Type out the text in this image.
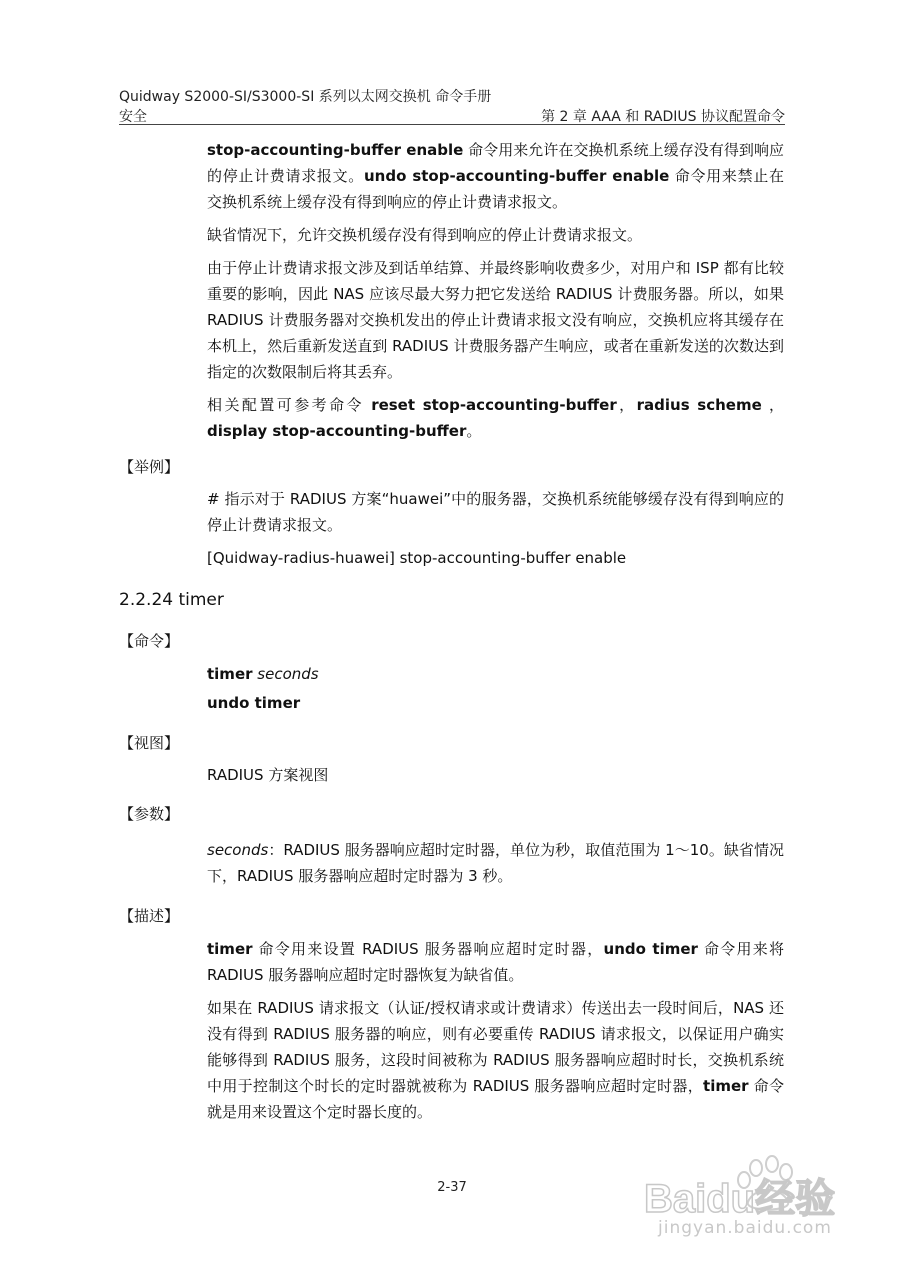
Quidway S2000-SI/S3000-SI 系列以太网交换机 命令手册
安全	第 2 章 AAA 和 RADIUS 协议配置命令

stop-accounting-buffer enable 命令用来允许在交换机系统上缓存没有得到响应的停止计费请求报文。undo stop-accounting-buffer enable 命令用来禁止在交换机系统上缓存没有得到响应的停止计费请求报文。

缺省情况下，允许交换机缓存没有得到响应的停止计费请求报文。

由于停止计费请求报文涉及到话单结算、并最终影响收费多少，对用户和 ISP 都有比较重要的影响，因此 NAS 应该尽最大努力把它发送给 RADIUS 计费服务器。所以，如果 RADIUS 计费服务器对交换机发出的停止计费请求报文没有响应，交换机应将其缓存在本机上，然后重新发送直到 RADIUS 计费服务器产生响应，或者在重新发送的次数达到指定的次数限制后将其丢弃。

相关配置可参考命令 reset stop-accounting-buffer，radius scheme ，display stop-accounting-buffer。

【举例】

# 指示对于 RADIUS 方案“huawei”中的服务器，交换机系统能够缓存没有得到响应的停止计费请求报文。

[Quidway-radius-huawei] stop-accounting-buffer enable

2.2.24 timer
【命令】

timer seconds

undo timer

【视图】

RADIUS 方案视图

【参数】

seconds：RADIUS 服务器响应超时定时器，单位为秒，取值范围为 1～10。缺省情况下，RADIUS 服务器响应超时定时器为 3 秒。

【描述】

timer 命令用来设置 RADIUS 服务器响应超时定时器，undo timer 命令用来将 RADIUS 服务器响应超时定时器恢复为缺省值。

如果在 RADIUS 请求报文（认证/授权请求或计费请求）传送出去一段时间后，NAS 还没有得到 RADIUS 服务器的响应，则有必要重传 RADIUS 请求报文，以保证用户确实能够得到 RADIUS 服务，这段时间被称为 RADIUS 服务器响应超时时长，交换机系统中用于控制这个时长的定时器就被称为 RADIUS 服务器响应超时定时器，timer 命令就是用来设置这个定时器长度的。

2-37	Baidu经验
jingyan.baidu.com
